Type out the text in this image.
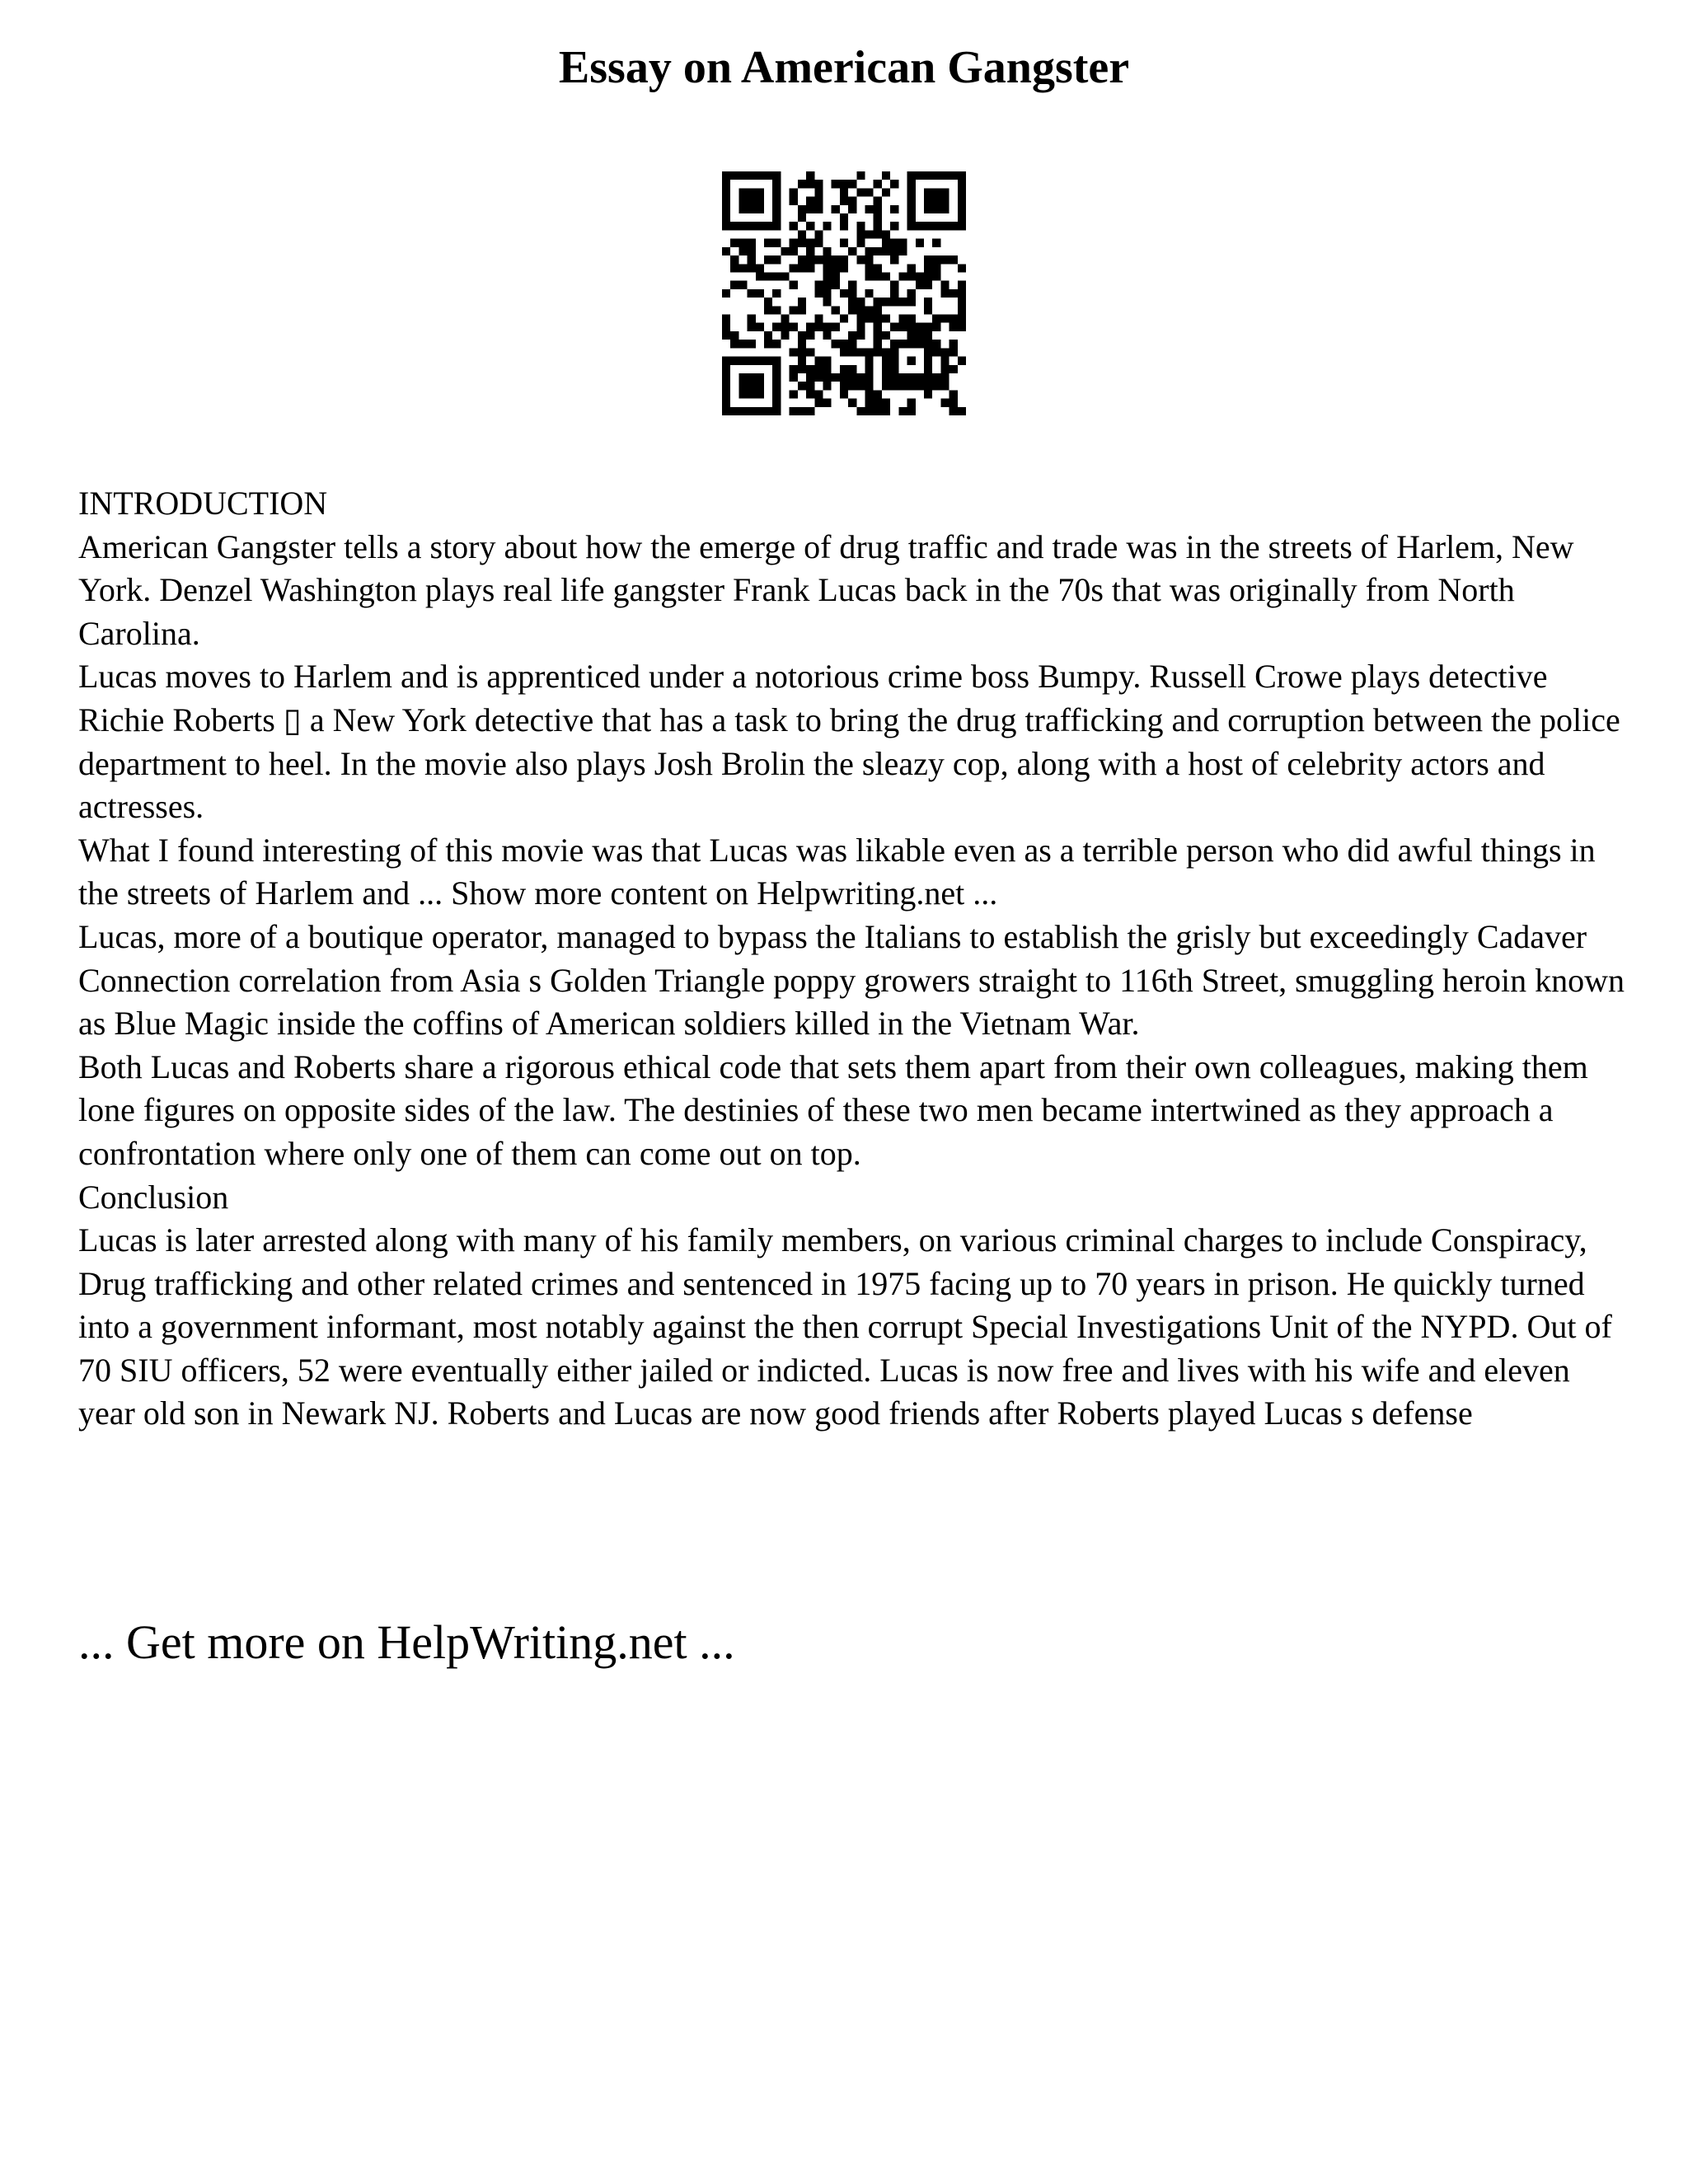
Essay on American Gangster

INTRODUCTION

American Gangster tells a story about how the emerge of drug traffic and trade was in the streets of Harlem, New York. Denzel Washington plays real life gangster Frank Lucas back in the 70s that was originally from North Carolina.

Lucas moves to Harlem and is apprenticed under a notorious crime boss Bumpy. Russell Crowe plays detective Richie Roberts ▯ a New York detective that has a task to bring the drug trafficking and corruption between the police department to heel. In the movie also plays Josh Brolin the sleazy cop, along with a host of celebrity actors and actresses.

What I found interesting of this movie was that Lucas was likable even as a terrible person who did awful things in the streets of Harlem and ... Show more content on Helpwriting.net ...

Lucas, more of a boutique operator, managed to bypass the Italians to establish the grisly but exceedingly Cadaver Connection correlation from Asia s Golden Triangle poppy growers straight to 116th Street, smuggling heroin known as Blue Magic inside the coffins of American soldiers killed in the Vietnam War.

Both Lucas and Roberts share a rigorous ethical code that sets them apart from their own colleagues, making them lone figures on opposite sides of the law. The destinies of these two men became intertwined as they approach a confrontation where only one of them can come out on top.

Conclusion

Lucas is later arrested along with many of his family members, on various criminal charges to include Conspiracy, Drug trafficking and other related crimes and sentenced in 1975 facing up to 70 years in prison. He quickly turned into a government informant, most notably against the then corrupt Special Investigations Unit of the NYPD. Out of 70 SIU officers, 52 were eventually either jailed or indicted. Lucas is now free and lives with his wife and eleven year old son in Newark NJ. Roberts and Lucas are now good friends after Roberts played Lucas s defense

... Get more on HelpWriting.net ...
